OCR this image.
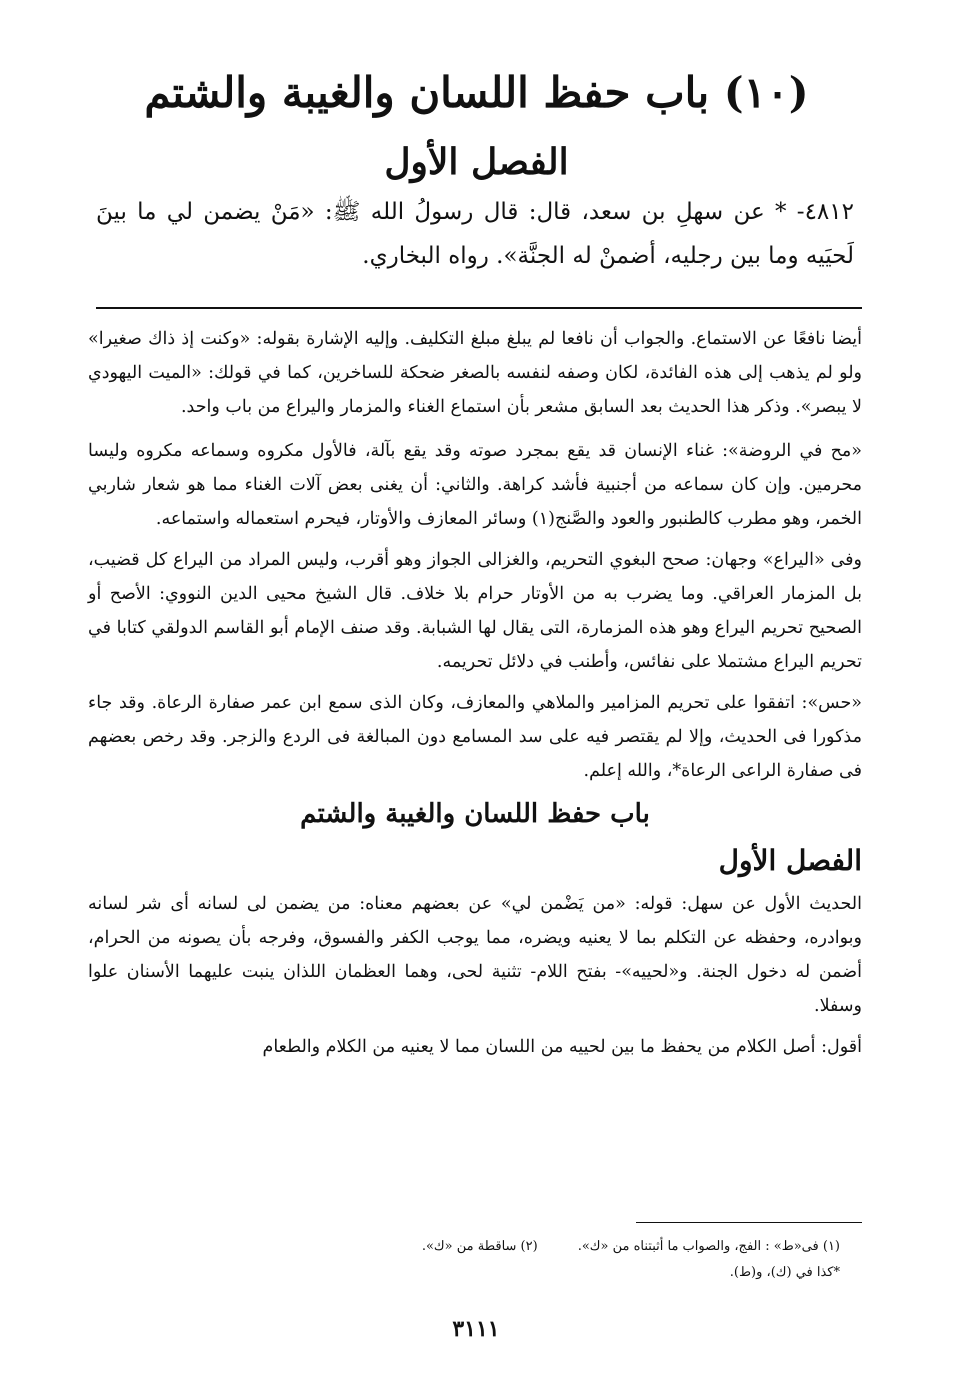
(١٠) باب حفظ اللسان والغيبة والشتم
الفصل الأول

٤٨١٢- * عن سهلِ بن سعد، قال: قال رسولُ الله ﷺ: «مَنْ يضمن لي ما بينَ لَحيَيه وما بين رجليه، أضمنْ له الجنَّة». رواه البخاري.

أيضا نافعًا عن الاستماع. والجواب أن نافعا لم يبلغ مبلغ التكليف. وإليه الإشارة بقوله: «وكنت إذ ذاك صغيرا» ولو لم يذهب إلى هذه الفائدة، لكان وصفه لنفسه بالصغر ضحكة للساخرين، كما في قولك: «الميت اليهودي لا يبصر». وذكر هذا الحديث بعد السابق مشعر بأن استماع الغناء والمزمار واليراع من باب واحد.

«مح في الروضة»: غناء الإنسان قد يقع بمجرد صوته وقد يقع بآلة، فالأول مكروه وسماعه مكروه وليسا محرمين. وإن كان سماعه من أجنبية فأشد كراهة. والثاني: أن يغنى بعض آلات الغناء مما هو شعار شاربي الخمر، وهو مطرب كالطنبور والعود والصَّنج(١) وسائر المعازف والأوتار، فيحرم استعماله واستماعه.

وفى «اليراع» وجهان: صحح البغوي التحريم، والغزالى الجواز وهو أقرب، وليس المراد من اليراع كل قضيب، بل المزمار العراقي. وما يضرب به من الأوتار حرام بلا خلاف. قال الشيخ محيى الدين النووي: الأصح أو الصحيح تحريم اليراع وهو هذه المزمارة، التى يقال لها الشبابة. وقد صنف الإمام أبو القاسم الدولقي كتابا في تحريم اليراع مشتملا على نفائس، وأطنب في دلائل تحريمه.

«حس»: اتفقوا على تحريم المزامير والملاهي والمعازف، وكان الذى سمع ابن عمر صفارة الرعاة. وقد جاء مذكورا فى الحديث، وإلا لم يقتصر فيه على سد المسامع دون المبالغة فى الردع والزجر. وقد رخص بعضهم فى صفارة الراعى الرعاة*، والله إعلم.

باب حفظ اللسان والغيبة والشتم
الفصل الأول

الحديث الأول عن سهل: قوله: «من يَضْمن لي» عن بعضهم معناه: من يضمن لى لسانه أى شر لسانه وبوادره، وحفظه عن التكلم بما لا يعنيه ويضره، مما يوجب الكفر والفسوق، وفرجه بأن يصونه من الحرام، أضمن له دخول الجنة. و«لحييه»- بفتح اللام- تثنية لحى، وهما العظمان اللذان ينبت عليهما الأسنان علوا وسفلا.

أقول: أصل الكلام من يحفظ ما بين لحييه من اللسان مما لا يعنيه من الكلام والطعام

(١) فى«ط» : الفج، والصواب ما أثبتناه من «ك».
(٢) ساقطة من «ك».
*كذا في (ك)، و(ط).
٣١١١
